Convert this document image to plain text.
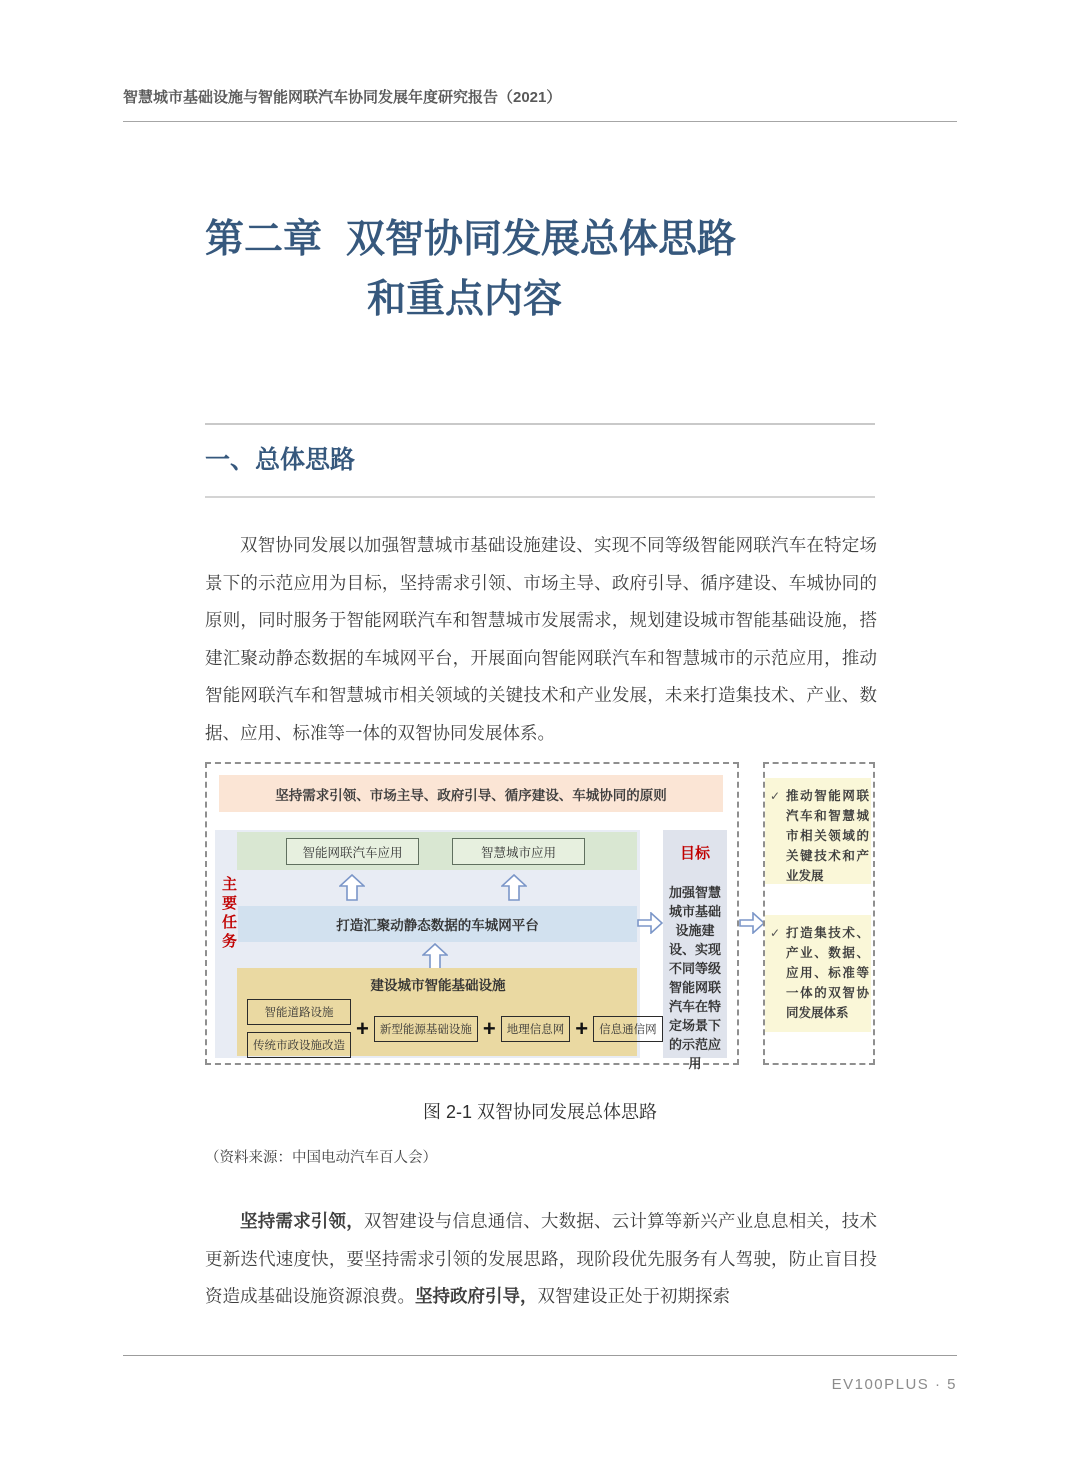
智慧城市基础设施与智能网联汽车协同发展年度研究报告（2021）
第二章 双智协同发展总体思路
和重点内容
一、总体思路

双智协同发展以加强智慧城市基础设施建设、实现不同等级智能网联汽车在特定场景下的示范应用为目标，坚持需求引领、市场主导、政府引导、循序建设、车城协同的原则，同时服务于智能网联汽车和智慧城市发展需求，规划建设城市智能基础设施，搭建汇聚动静态数据的车城网平台，开展面向智能网联汽车和智慧城市的示范应用，推动智能网联汽车和智慧城市相关领域的关键技术和产业发展，未来打造集技术、产业、数据、应用、标准等一体的双智协同发展体系。

坚持需求引领、市场主导、政府引导、循序建设、车城协同的原则
主要任务
智能网联汽车应用	智慧城市应用
打造汇聚动静态数据的车城网平台
建设城市智能基础设施
智能道路设施
传统市政设施改造
+ 新型能源基础设施 + 地理信息网 + 信息通信网
目标
加强智慧城市基础设施建设、实现不同等级智能网联汽车在特定场景下的示范应用
✓ 推动智能网联汽车和智慧城市相关领域的关键技术和产业发展
✓ 打造集技术、产业、数据、应用、标准等一体的双智协同发展体系
图 2-1 双智协同发展总体思路
（资料来源：中国电动汽车百人会）

坚持需求引领，双智建设与信息通信、大数据、云计算等新兴产业息息相关，技术更新迭代速度快，要坚持需求引领的发展思路，现阶段优先服务有人驾驶，防止盲目投资造成基础设施资源浪费。坚持政府引导，双智建设正处于初期探索

EV100PLUS · 5
